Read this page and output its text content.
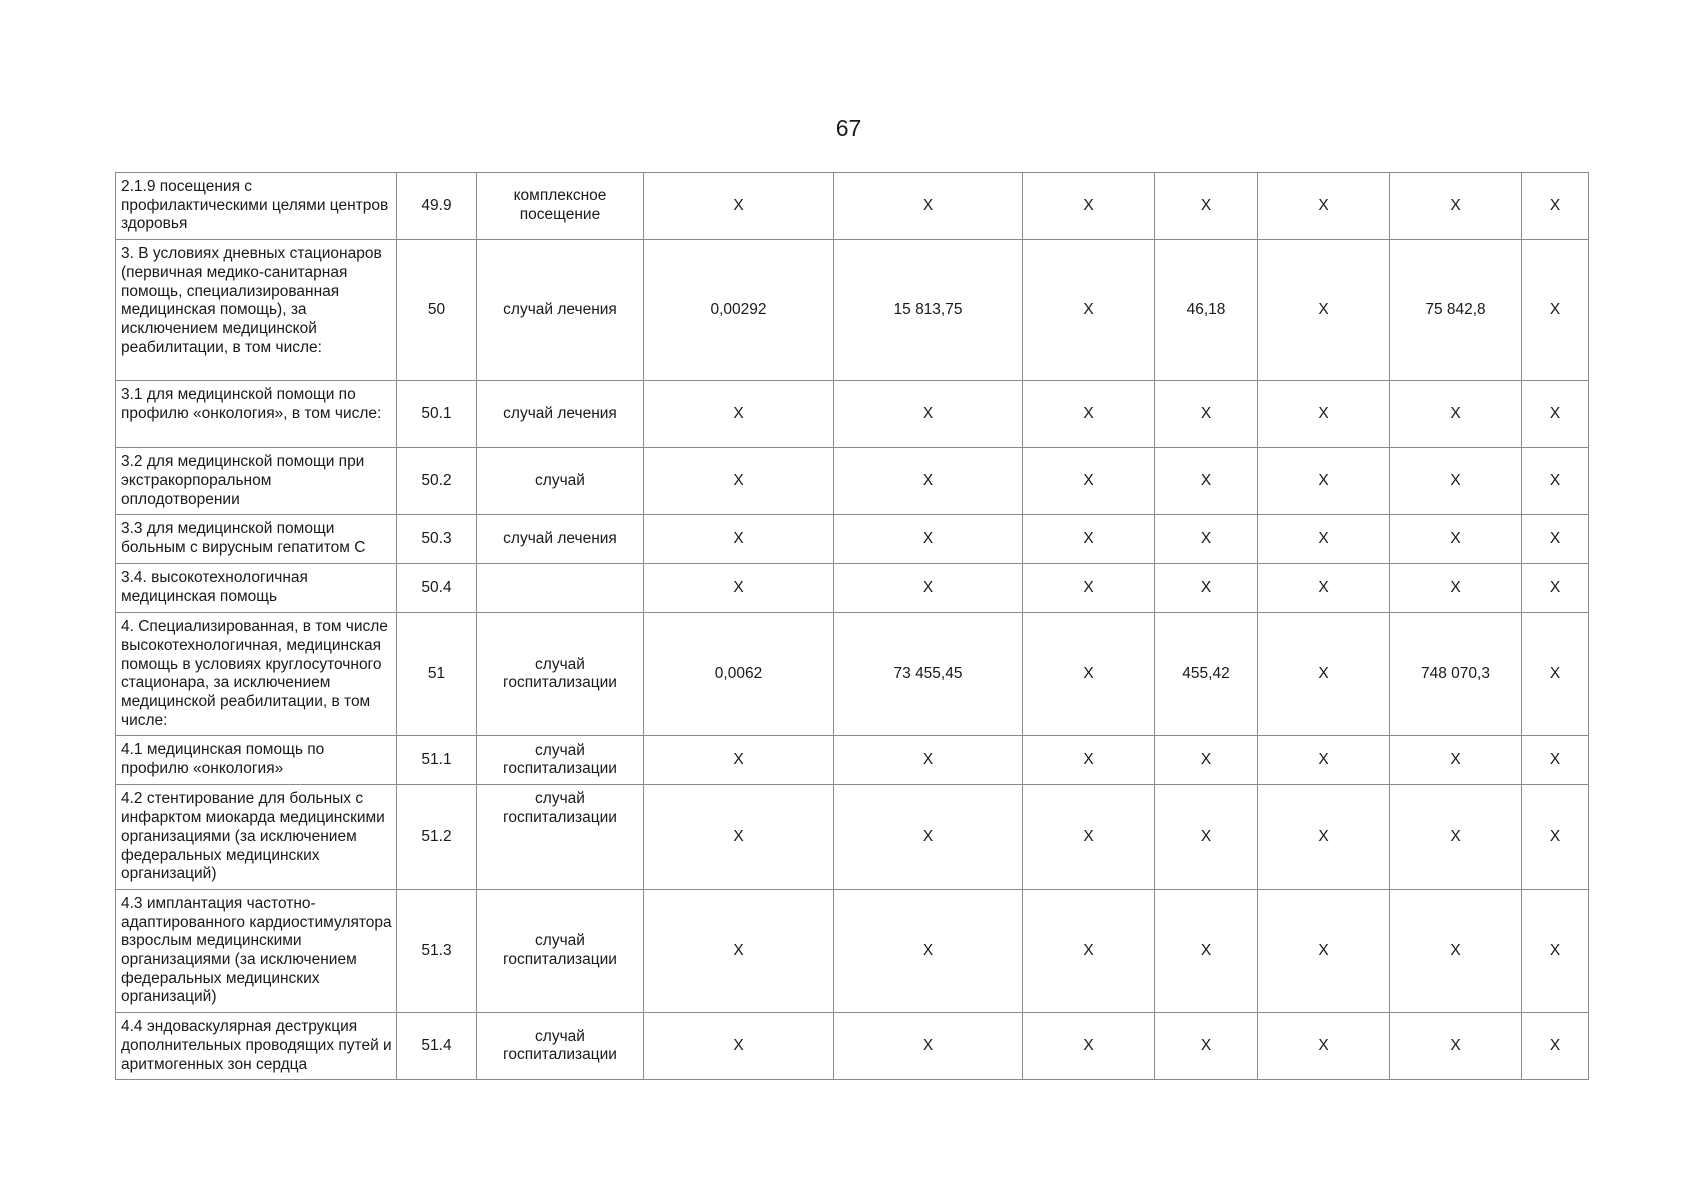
67
2.1.9 посещения с профилактическими целями центров здоровья	49.9	комплексное посещение	X	X	X	X	X	X	X
3. В условиях дневных стационаров (первичная медико-санитарная помощь, специализированная медицинская помощь), за исключением медицинской реабилитации, в том числе:	50	случай лечения	0,00292	15 813,75	X	46,18	X	75 842,8	X
3.1 для медицинской помощи по профилю «онкология», в том числе:	50.1	случай лечения	X	X	X	X	X	X	X
3.2 для медицинской помощи при экстракорпоральном оплодотворении	50.2	случай	X	X	X	X	X	X	X
3.3 для медицинской помощи больным с вирусным гепатитом С	50.3	случай лечения	X	X	X	X	X	X	X
3.4. высокотехнологичная медицинская помощь	50.4		X	X	X	X	X	X	X
4. Специализированная, в том числе высокотехнологичная, медицинская помощь в условиях круглосуточного стационара, за исключением медицинской реабилитации, в том числе:	51	случай госпитализации	0,0062	73 455,45	X	455,42	X	748 070,3	X
4.1 медицинская помощь по профилю «онкология»	51.1	случай госпитализации	X	X	X	X	X	X	X
4.2 стентирование для больных с инфарктом миокарда медицинскими организациями (за исключением федеральных медицинских организаций)	51.2	случай госпитализации	X	X	X	X	X	X	X
4.3 имплантация частотно-адаптированного кардиостимулятора взрослым медицинскими организациями (за исключением федеральных медицинских организаций)	51.3	случай госпитализации	X	X	X	X	X	X	X
4.4 эндоваскулярная деструкция дополнительных проводящих путей и аритмогенных зон сердца	51.4	случай госпитализации	X	X	X	X	X	X	X
